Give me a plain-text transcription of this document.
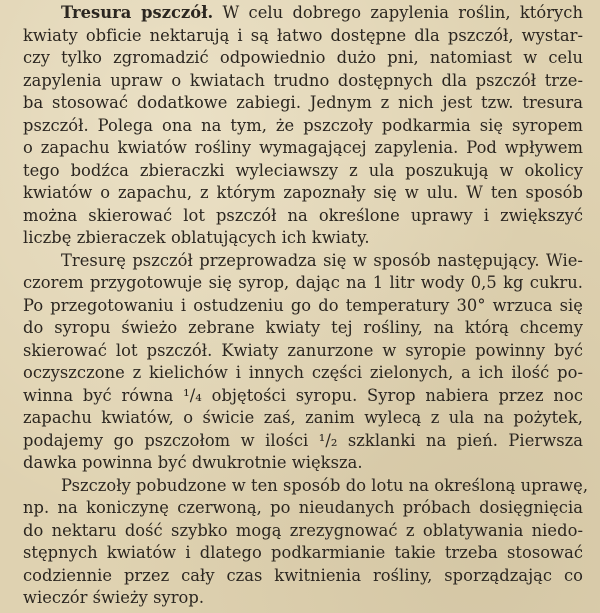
Tresura pszczół. W celu dobrego zapylenia roślin, których
kwiaty obficie nektarują i są łatwo dostępne dla pszczół, wystar-
czy tylko zgromadzić odpowiednio dużo pni, natomiast w celu
zapylenia upraw o kwiatach trudno dostępnych dla pszczół trze-
ba stosować dodatkowe zabiegi. Jednym z nich jest tzw. tresura
pszczół. Polega ona na tym, że pszczoły podkarmia się syropem
o zapachu kwiatów rośliny wymagającej zapylenia. Pod wpływem
tego bodźca zbieraczki wyleciawszy z ula poszukują w okolicy
kwiatów o zapachu, z którym zapoznały się w ulu. W ten sposób
można skierować lot pszczół na określone uprawy i zwiększyć
liczbę zbieraczek oblatujących ich kwiaty.
Tresurę pszczół przeprowadza się w sposób następujący. Wie-
czorem przygotowuje się syrop, dając na 1 litr wody 0,5 kg cukru.
Po przegotowaniu i ostudzeniu go do temperatury 30° wrzuca się
do syropu świeżo zebrane kwiaty tej rośliny, na którą chcemy
skierować lot pszczół. Kwiaty zanurzone w syropie powinny być
oczyszczone z kielichów i innych części zielonych, a ich ilość po-
winna być równa ¹/₄ objętości syropu. Syrop nabiera przez noc
zapachu kwiatów, o świcie zaś, zanim wylecą z ula na pożytek,
podajemy go pszczołom w ilości ¹/₂ szklanki na pień. Pierwsza
dawka powinna być dwukrotnie większa.
Pszczoły pobudzone w ten sposób do lotu na określoną uprawę,
np. na koniczynę czerwoną, po nieudanych próbach dosięgnięcia
do nektaru dość szybko mogą zrezygnować z oblatywania niedo-
stępnych kwiatów i dlatego podkarmianie takie trzeba stosować
codziennie przez cały czas kwitnienia rośliny, sporządzając co
wieczór świeży syrop.
